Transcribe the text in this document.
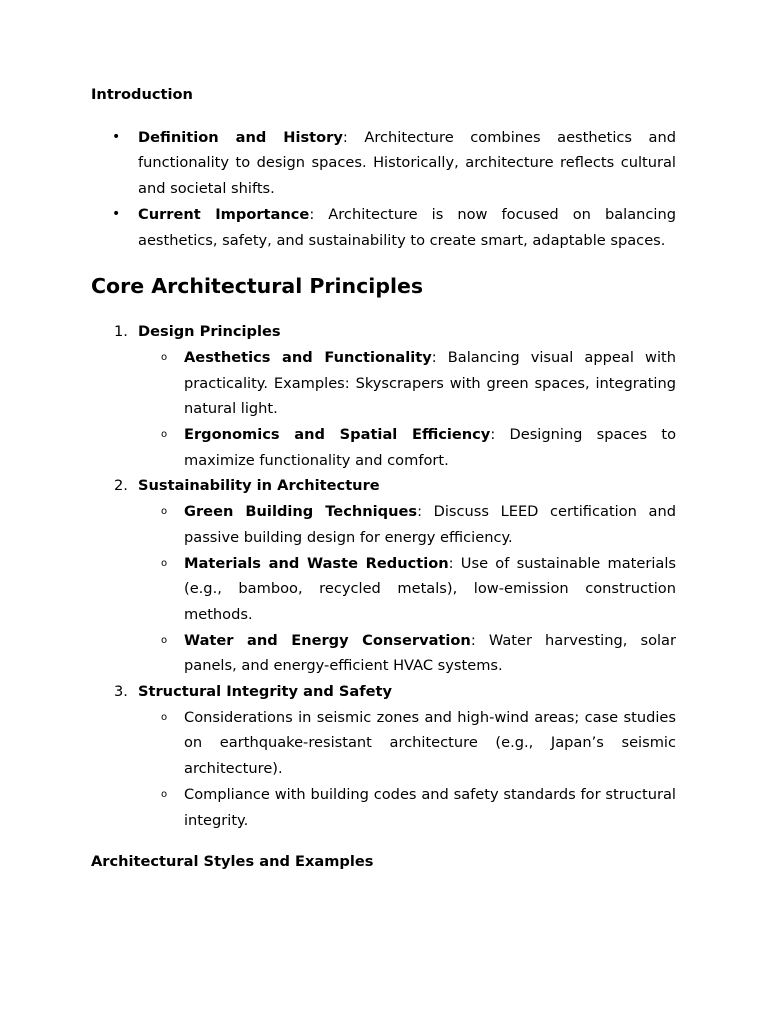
Introduction
• Definition and History: Architecture combines aesthetics and functionality to design spaces. Historically, architecture reflects cultural and societal shifts.
• Current Importance: Architecture is now focused on balancing aesthetics, safety, and sustainability to create smart, adaptable spaces.
Core Architectural Principles
1. Design Principles
o Aesthetics and Functionality: Balancing visual appeal with practicality. Examples: Skyscrapers with green spaces, integrating natural light.
o Ergonomics and Spatial Efficiency: Designing spaces to maximize functionality and comfort.
2. Sustainability in Architecture
o Green Building Techniques: Discuss LEED certification and passive building design for energy efficiency.
o Materials and Waste Reduction: Use of sustainable materials (e.g., bamboo, recycled metals), low-emission construction methods.
o Water and Energy Conservation: Water harvesting, solar panels, and energy-efficient HVAC systems.
3. Structural Integrity and Safety
o Considerations in seismic zones and high-wind areas; case studies on earthquake-resistant architecture (e.g., Japan’s seismic architecture).
o Compliance with building codes and safety standards for structural integrity.
Architectural Styles and Examples
